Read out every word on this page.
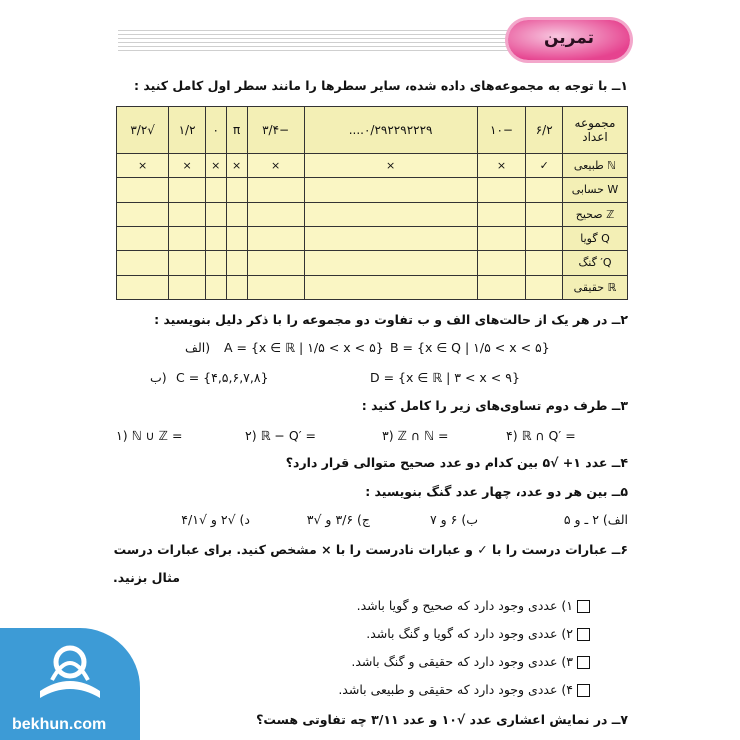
تمرین
۱ــ با توجه به مجموعه‌های داده شده، سایر سطرها را مانند سطر اول کامل کنید :
مجموعه اعداد	۶/۲	−۱۰	۰/۲۹۲۲۹۲۲۲۹....	−۳/۴	π	۰	۱/۲	√۳/۲
ℕ طبیعی	✓	×	×	×	×	×	×	×
W حسابی								
ℤ صحیح								
Q گویا								
Q′ گنگ								
ℝ حقیقی								
۲ــ در هر یک از حالت‌های الف و ب تفاوت دو مجموعه را با ذکر دلیل بنویسید :
الف) A = {x ∈ ℝ | ۱/۵ < x < ۵} B = {x ∈ Q | ۱/۵ < x < ۵}
ب) C = {۴,۵,۶,۷,۸}	D = {x ∈ ℝ | ۳ < x < ۹}
۳ــ طرف دوم تساوی‌های زیر را کامل کنید :
۱) ℕ ∪ ℤ =	۲) ℝ − Q′ =	۳) ℤ ∩ ℕ =	۴) ℝ ∩ Q′ =
۴ــ عدد ۱+ √۵ بین کدام دو عدد صحیح متوالی قرار دارد؟
۵ــ بین هر دو عدد، چهار عدد گنگ بنویسید :
الف) ۲ ـ و ۵
ب) ۶ و ۷
ج) ۳/۶ و √۳
د) √۲ و √۴/۱
۶ــ عبارات درست را با ✓ و عبارات نادرست را با × مشخص کنید. برای عبارات درست
مثال بزنید.
۱) عددی وجود دارد که صحیح و گویا باشد.
۲) عددی وجود دارد که گویا و گنگ باشد.
۳) عددی وجود دارد که حقیقی و گنگ باشد.
۴) عددی وجود دارد که حقیقی و طبیعی باشد.
۷ــ در نمایش اعشاری عدد √۱۰ و عدد ۳/۱۱ چه تفاوتی هست؟
bekhun.com
